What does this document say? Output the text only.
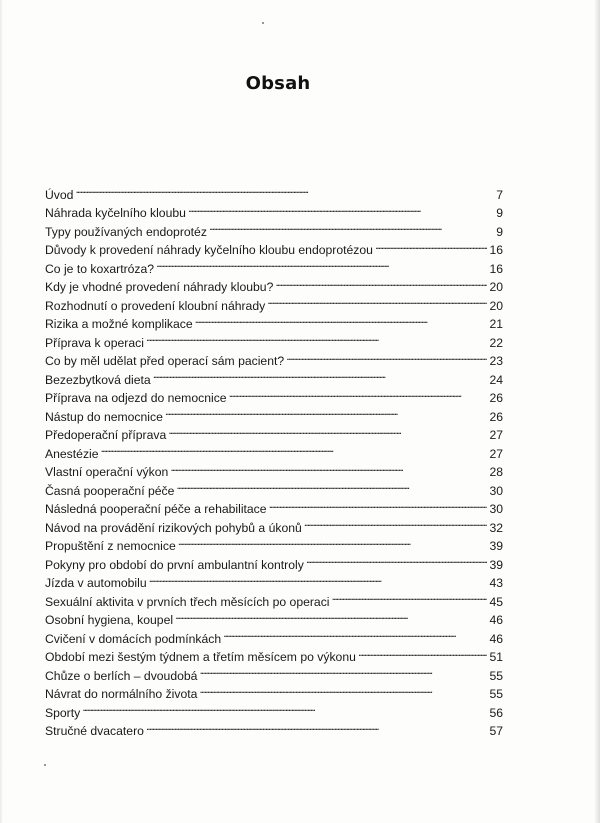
Obsah
Úvod . . .	7
Náhrada kyčelního kloubu . . .	9
Typy používaných endoprotéz . . .	9
Důvody k provedení náhrady kyčelního kloubu endoprotézou . . .	16
Co je to koxartróza? . . .	16
Kdy je vhodné provedení náhrady kloubu? . . .	20
Rozhodnutí o provedení kloubní náhrady . . .	20
Rizika a možné komplikace . . .	21
Příprava k operaci . . .	22
Co by měl udělat před operací sám pacient? . . .	23
Bezezbytková dieta . . .	24
Příprava na odjezd do nemocnice . . .	26
Nástup do nemocnice . . .	26
Předoperační příprava . . .	27
Anestézie . . .	27
Vlastní operační výkon . . .	28
Časná pooperační péče . . .	30
Následná pooperační péče a rehabilitace . . .	30
Návod na provádění rizikových pohybů a úkonů . . .	32
Propuštění z nemocnice . . .	39
Pokyny pro období do první ambulantní kontroly . . .	39
Jízda v automobilu . . .	43
Sexuální aktivita v prvních třech měsících po operaci . . .	45
Osobní hygiena, koupel . . .	46
Cvičení v domácích podmínkách . . .	46
Období mezi šestým týdnem a třetím měsícem po výkonu . . .	51
Chůze o berlích – dvoudobá . . .	55
Návrat do normálního života . . .	55
Sporty . . .	56
Stručné dvacatero . . .	57
